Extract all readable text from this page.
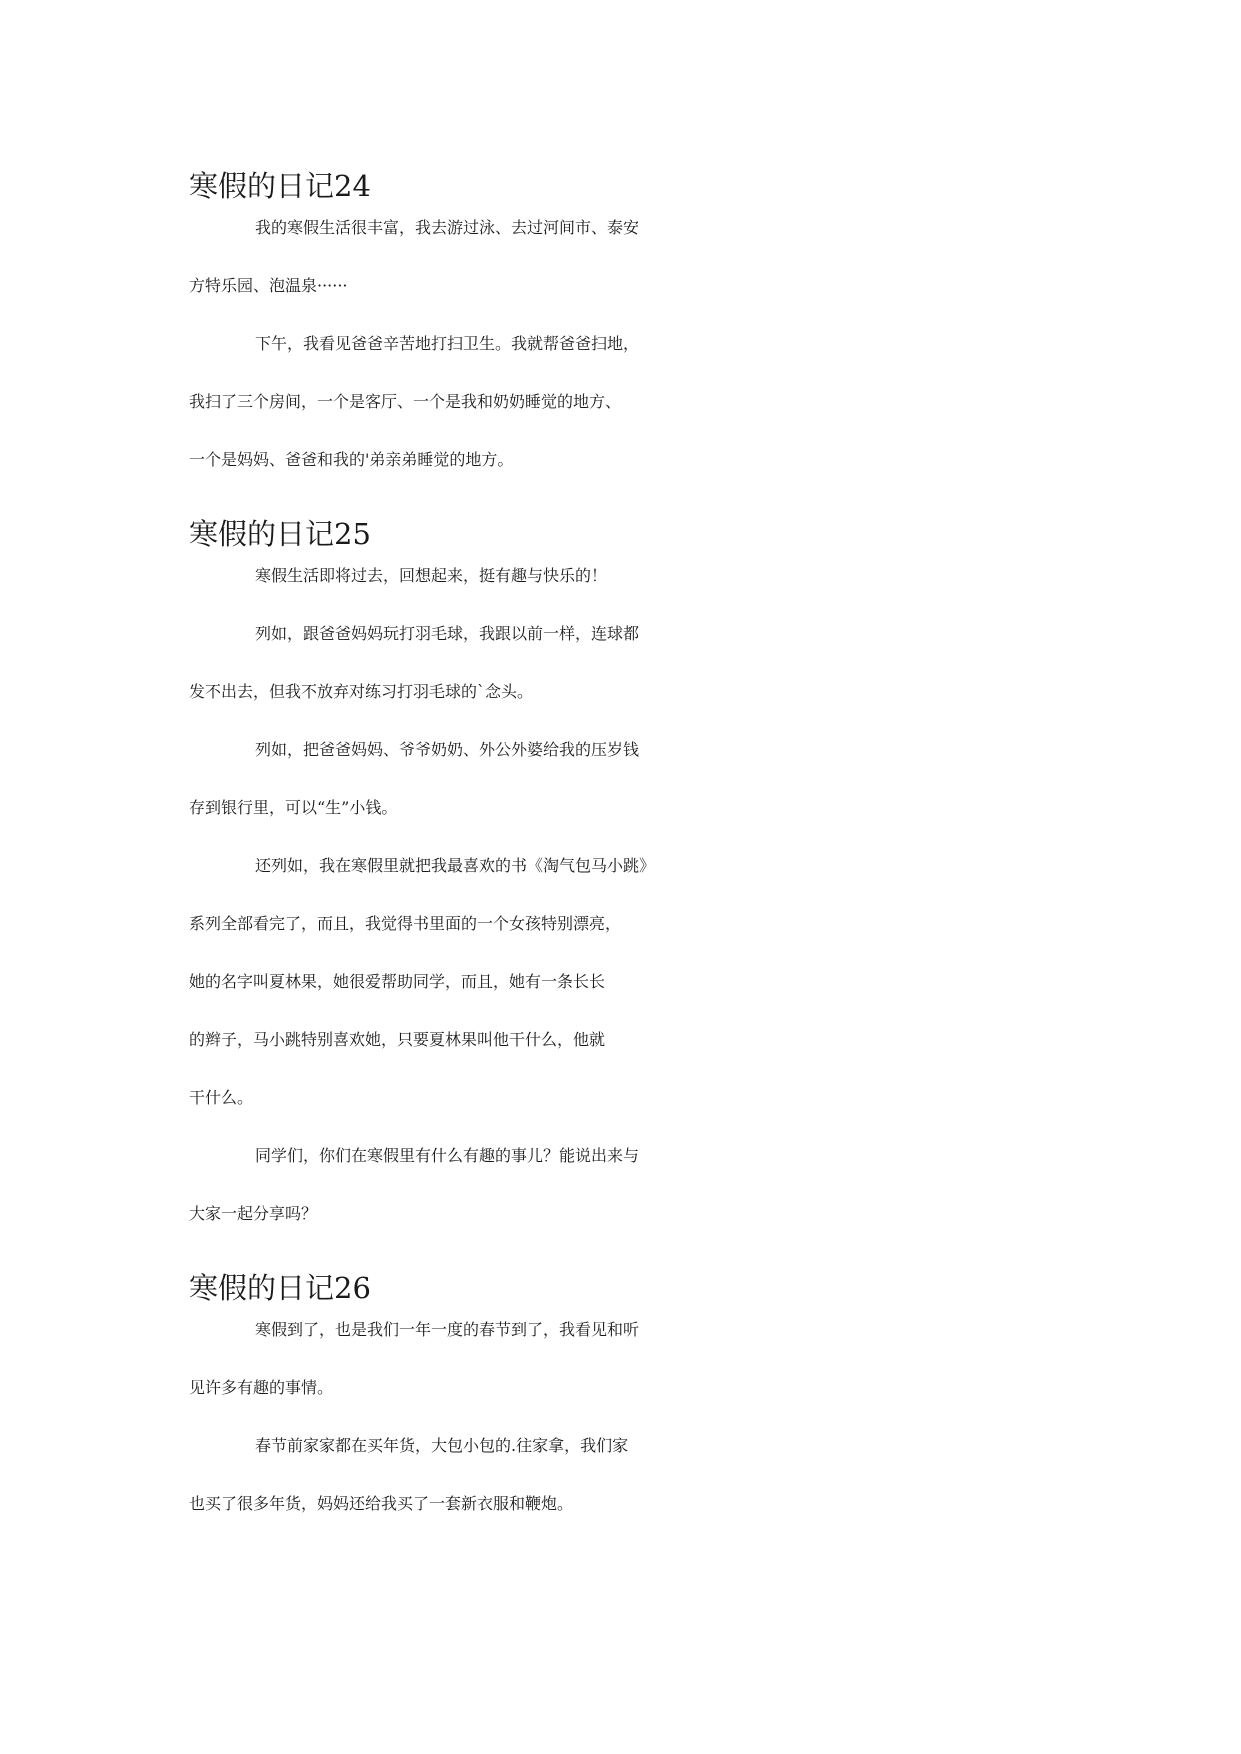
寒假的日记24
我的寒假生活很丰富，我去游过泳、去过河间市、泰安
方特乐园、泡温泉······
下午，我看见爸爸辛苦地打扫卫生。我就帮爸爸扫地，
我扫了三个房间，一个是客厅、一个是我和奶奶睡觉的地方、
一个是妈妈、爸爸和我的'弟亲弟睡觉的地方。
寒假的日记25
寒假生活即将过去，回想起来，挺有趣与快乐的！
列如，跟爸爸妈妈玩打羽毛球，我跟以前一样，连球都
发不出去，但我不放弃对练习打羽毛球的`念头。
列如，把爸爸妈妈、爷爷奶奶、外公外婆给我的压岁钱
存到银行里，可以“生”小钱。
还列如，我在寒假里就把我最喜欢的书《淘气包马小跳》
系列全部看完了，而且，我觉得书里面的一个女孩特别漂亮，
她的名字叫夏林果，她很爱帮助同学，而且，她有一条长长
的辫子，马小跳特别喜欢她，只要夏林果叫他干什么，他就
干什么。
同学们，你们在寒假里有什么有趣的事儿？能说出来与
大家一起分享吗？
寒假的日记26
寒假到了，也是我们一年一度的春节到了，我看见和听
见许多有趣的事情。
春节前家家都在买年货，大包小包的.往家拿，我们家
也买了很多年货，妈妈还给我买了一套新衣服和鞭炮。
